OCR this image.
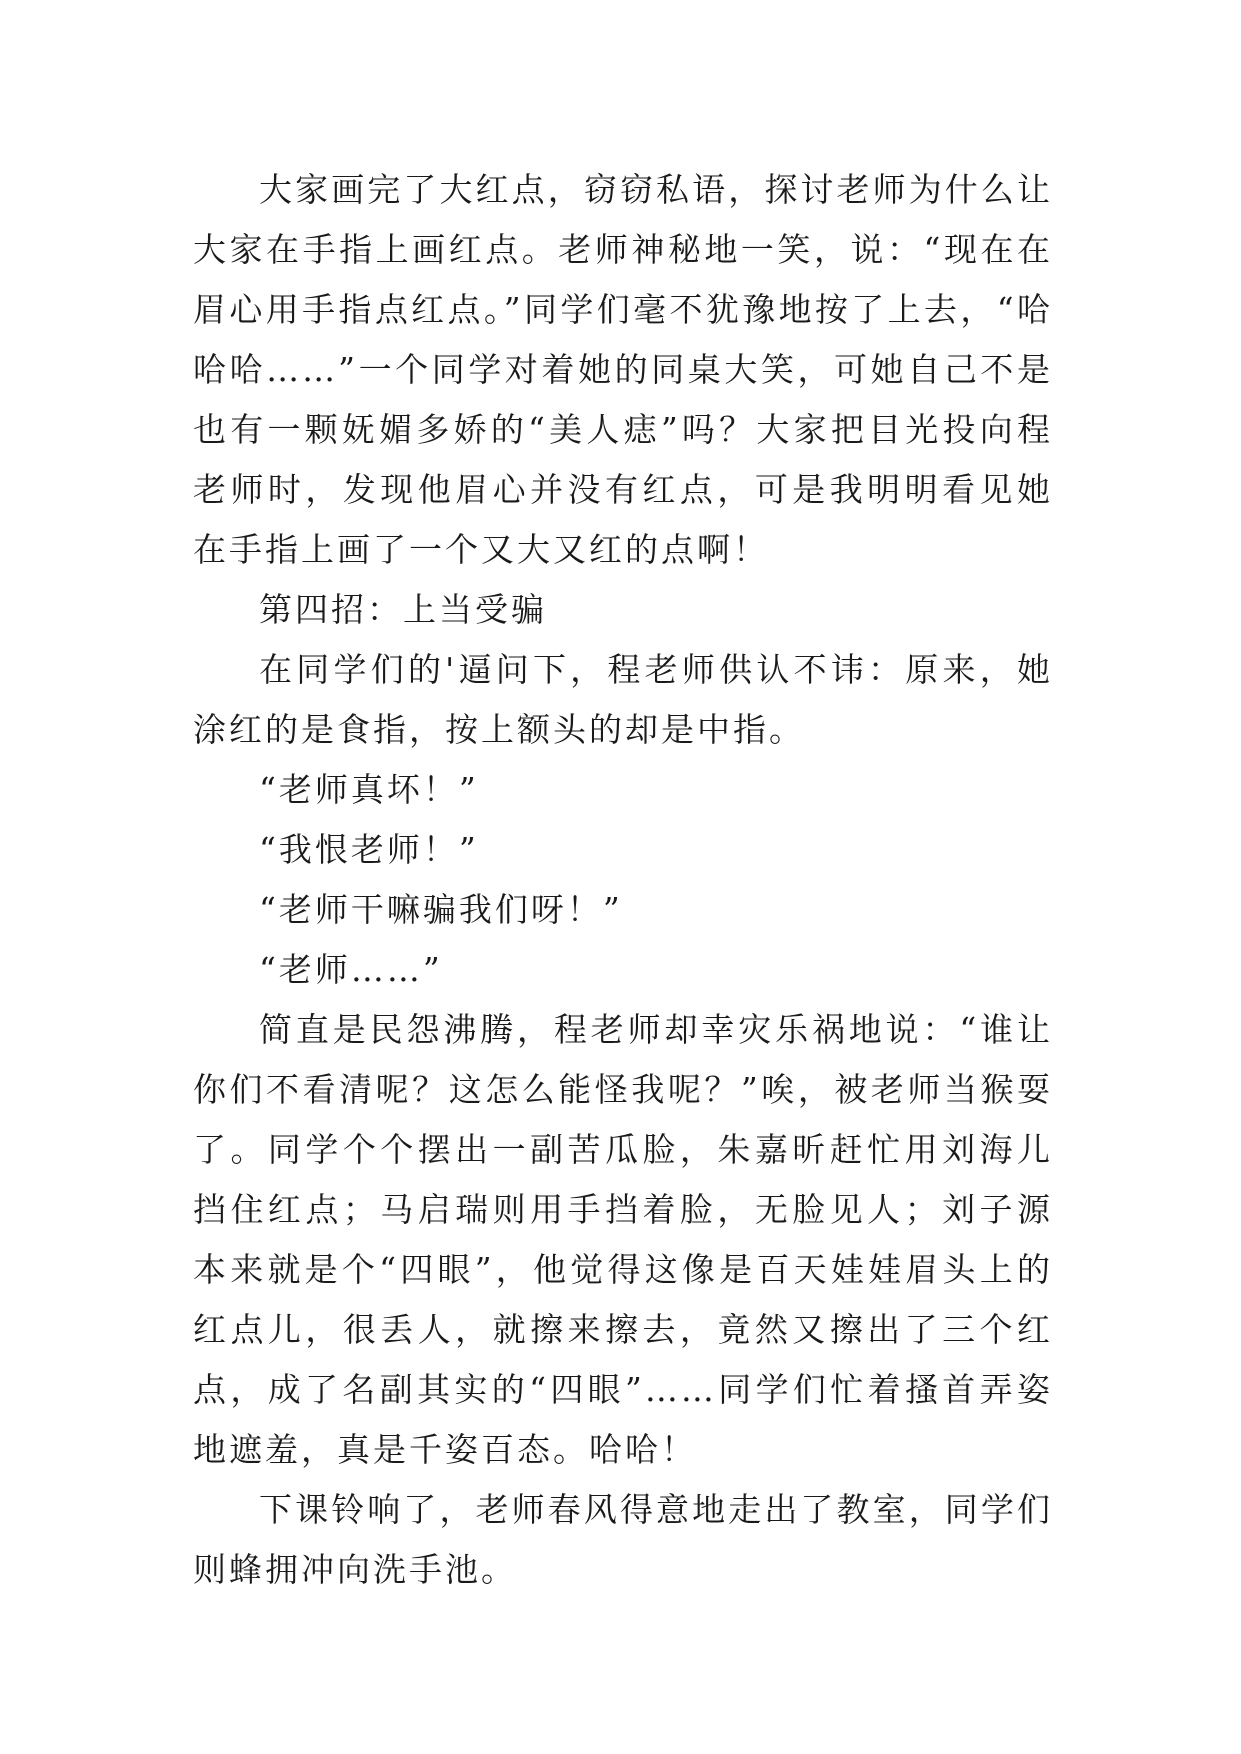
大家画完了大红点，窃窃私语，探讨老师为什么让大家在手指上画红点。老师神秘地一笑，说：“现在在眉心用手指点红点。”同学们毫不犹豫地按了上去，“哈哈哈……”一个同学对着她的同桌大笑，可她自己不是也有一颗妩媚多娇的“美人痣”吗？大家把目光投向程老师时，发现他眉心并没有红点，可是我明明看见她在手指上画了一个又大又红的点啊！

第四招：上当受骗

在同学们的'逼问下，程老师供认不讳：原来，她涂红的是食指，按上额头的却是中指。

“老师真坏！”

“我恨老师！”

“老师干嘛骗我们呀！”

“老师……”

简直是民怨沸腾，程老师却幸灾乐祸地说：“谁让你们不看清呢？这怎么能怪我呢？”唉，被老师当猴耍了。同学个个摆出一副苦瓜脸，朱嘉昕赶忙用刘海儿挡住红点；马启瑞则用手挡着脸，无脸见人；刘子源本来就是个“四眼”，他觉得这像是百天娃娃眉头上的红点儿，很丢人，就擦来擦去，竟然又擦出了三个红点，成了名副其实的“四眼”……同学们忙着搔首弄姿地遮羞，真是千姿百态。哈哈！

下课铃响了，老师春风得意地走出了教室，同学们则蜂拥冲向洗手池。
